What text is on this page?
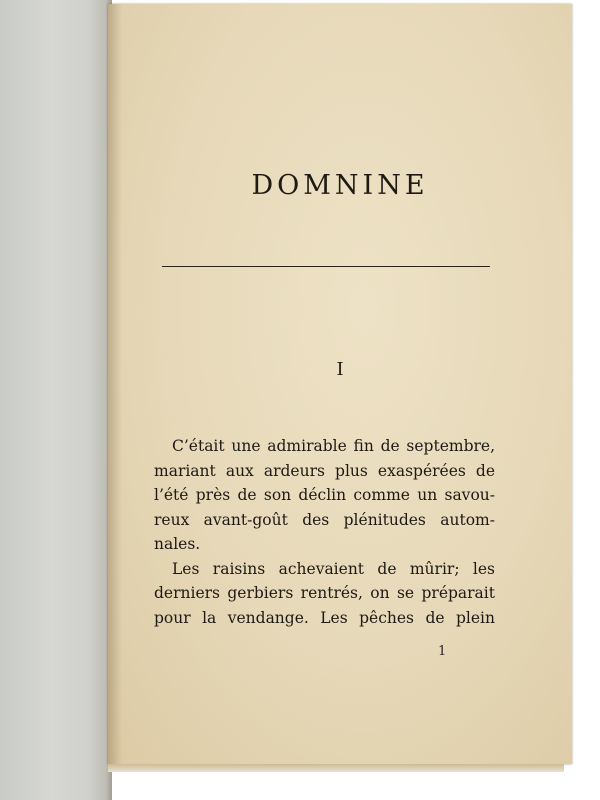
DOMNINE
I
C’était une admirable fin de septembre,
mariant aux ardeurs plus exaspérées de
l’été près de son déclin comme un savou-
reux avant-goût des plénitudes autom-
nales.
Les raisins achevaient de mûrir; les
derniers gerbiers rentrés, on se préparait
pour la vendange. Les pêches de plein
1
